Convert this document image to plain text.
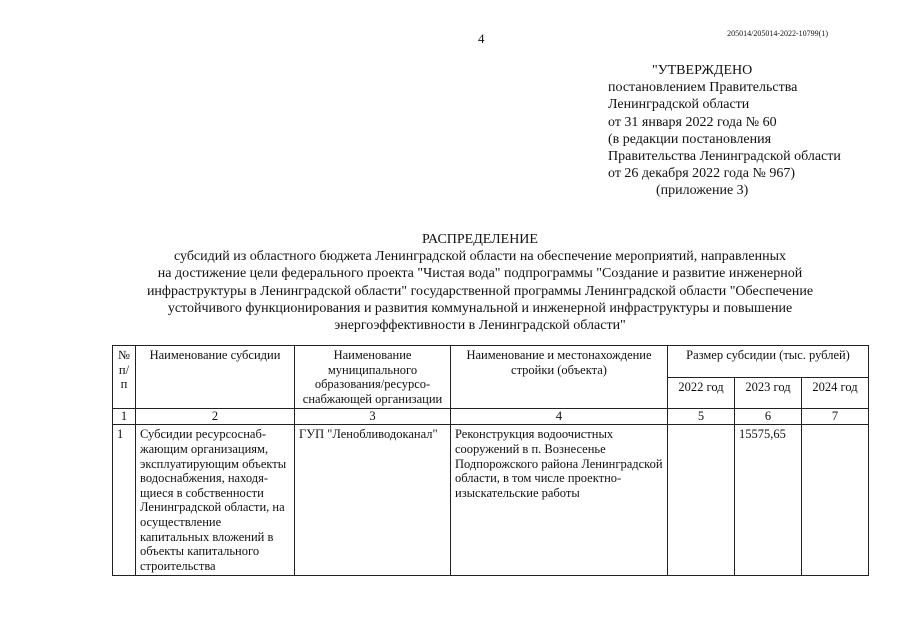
4	205014/205014-2022-10799(1)
"УТВЕРЖДЕНО
постановлением Правительства
Ленинградской области
от 31 января 2022 года № 60
(в редакции постановления
Правительства Ленинградской области
от 26 декабря 2022 года № 967)
(приложение 3)
РАСПРЕДЕЛЕНИЕ
субсидий из областного бюджета Ленинградской области на обеспечение мероприятий, направленных
на достижение цели федерального проекта "Чистая вода" подпрограммы "Создание и развитие инженерной
инфраструктуры в Ленинградской области" государственной программы Ленинградской области "Обеспечение
устойчивого функционирования и развития коммунальной и инженерной инфраструктуры и повышение
энергоэффективности в Ленинградской области"
№ п/п	Наименование субсидии	Наименование муниципального образования/ресурсо-снабжающей организации	Наименование и местонахождение стройки (объекта)	Размер субсидии (тыс. рублей)		
				2022 год	2023 год	2024 год
1	2	3	4	5	6	7
1	Субсидии ресурсоснаб-жающим организациям, эксплуатирующим объекты водоснабжения, находя-щиеся в собственности Ленинградской области, на осуществление капитальных вложений в объекты капитального строительства	ГУП "Ленобливодоканал"	Реконструкция водоочистных сооружений в п. Вознесенье Подпорожского района Ленинградской области, в том числе проектно-изыскательские работы		15575,65	
